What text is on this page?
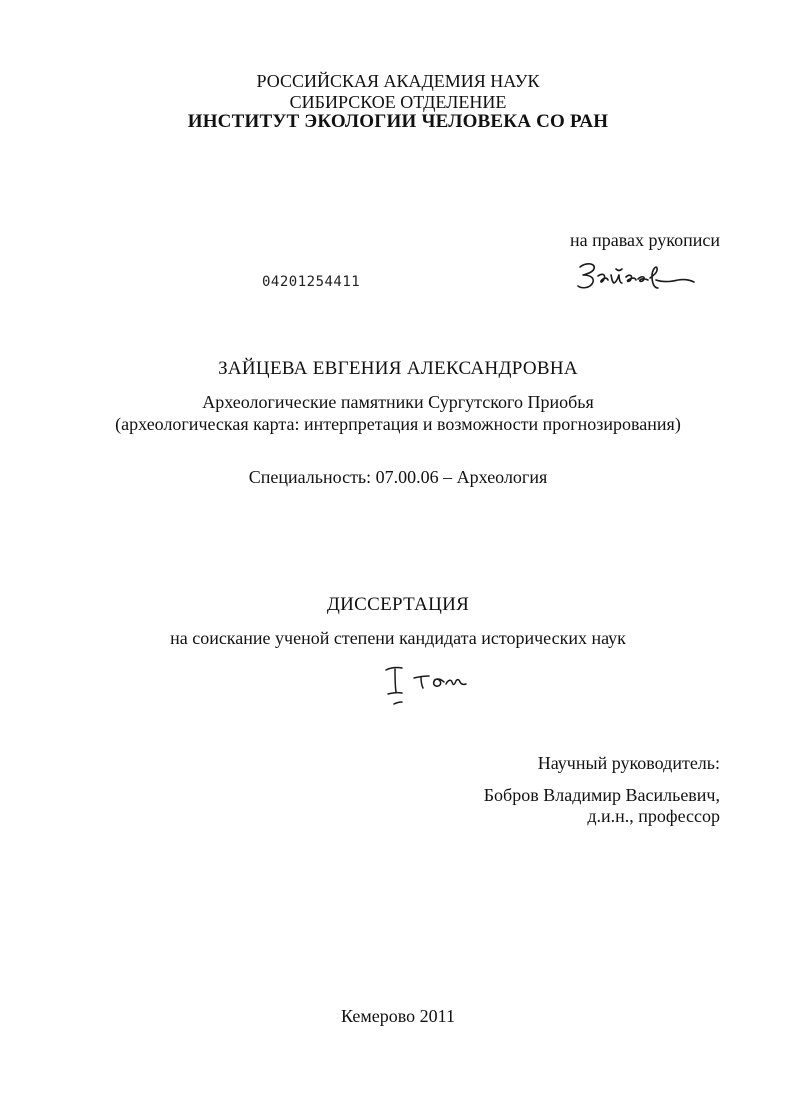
РОССИЙСКАЯ АКАДЕМИЯ НАУК
СИБИРСКОЕ ОТДЕЛЕНИЕ
ИНСТИТУТ ЭКОЛОГИИ ЧЕЛОВЕКА СО РАН
на правах рукописи
04201254411
ЗАЙЦЕВА ЕВГЕНИЯ АЛЕКСАНДРОВНА
Археологические памятники Сургутского Приобья
(археологическая карта: интерпретация и возможности прогнозирования)
Специальность: 07.00.06 – Археология
ДИССЕРТАЦИЯ
на соискание ученой степени кандидата исторических наук
Научный руководитель:
Бобров Владимир Васильевич,
д.и.н., профессор
Кемерово 2011
